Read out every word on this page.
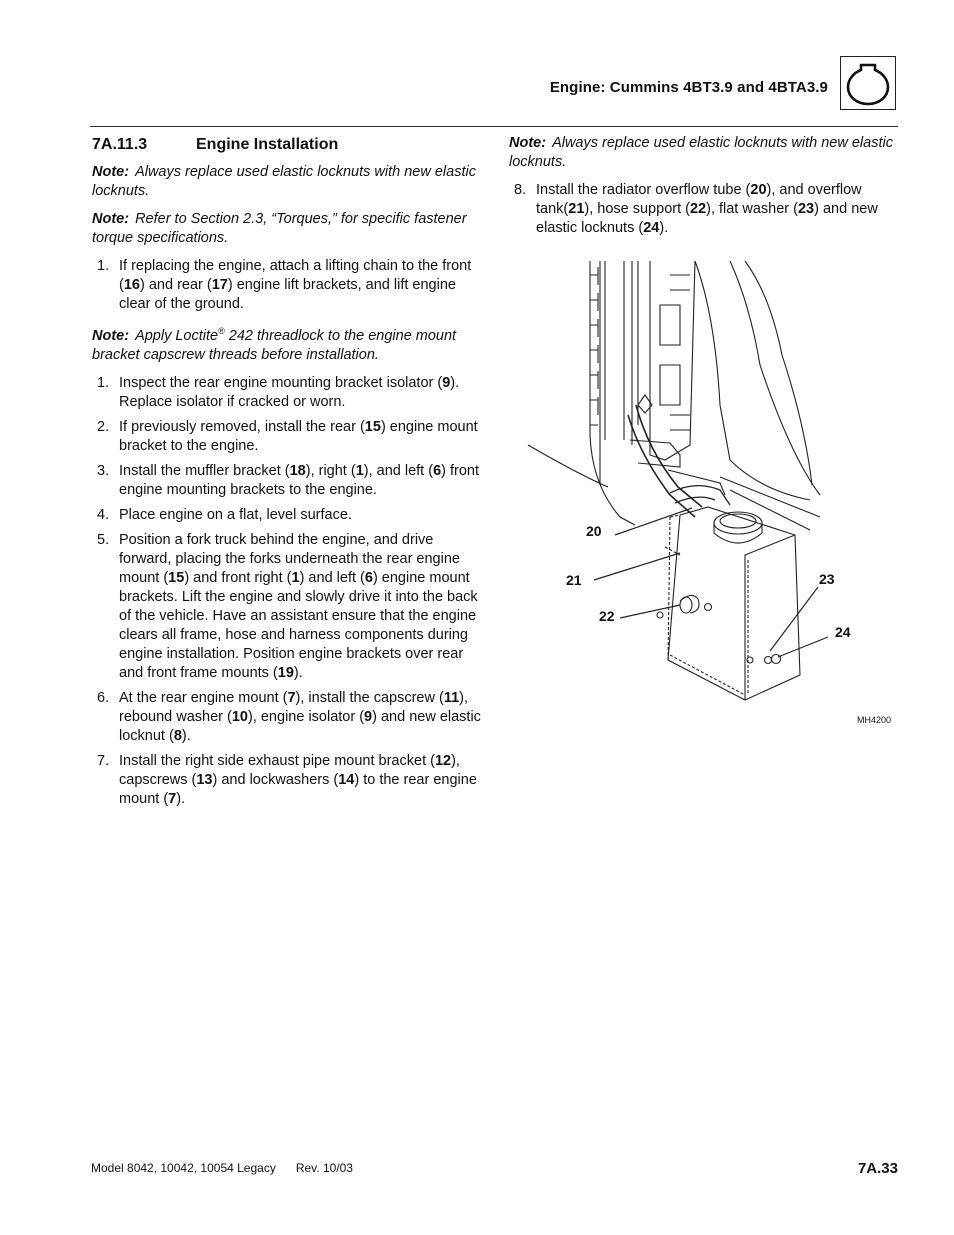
Engine: Cummins 4BT3.9 and 4BTA3.9
7A.11.3	Engine Installation
Note: Always replace used elastic locknuts with new elastic locknuts.
Note: Refer to Section 2.3, “Torques,” for specific fastener torque specifications.
1. If replacing the engine, attach a lifting chain to the front (16) and rear (17) engine lift brackets, and lift engine clear of the ground.
Note: Apply Loctite® 242 threadlock to the engine mount bracket capscrew threads before installation.
1. Inspect the rear engine mounting bracket isolator (9). Replace isolator if cracked or worn.
2. If previously removed, install the rear (15) engine mount bracket to the engine.
3. Install the muffler bracket (18), right (1), and left (6) front engine mounting brackets to the engine.
4. Place engine on a flat, level surface.
5. Position a fork truck behind the engine, and drive forward, placing the forks underneath the rear engine mount (15) and front right (1) and left (6) engine mount brackets. Lift the engine and slowly drive it into the back of the vehicle. Have an assistant ensure that the engine clears all frame, hose and harness components during engine installation. Position engine brackets over rear and front frame mounts (19).
6. At the rear engine mount (7), install the capscrew (11), rebound washer (10), engine isolator (9) and new elastic locknut (8).
7. Install the right side exhaust pipe mount bracket (12), capscrews (13) and lockwashers (14) to the rear engine mount (7).
Note: Always replace used elastic locknuts with new elastic locknuts.
8. Install the radiator overflow tube (20), and overflow tank(21), hose support (22), flat washer (23) and new elastic locknuts (24).
20
21
22
23
24
MH4200
Model 8042, 10042, 10054 Legacy Rev. 10/03	7A.33
